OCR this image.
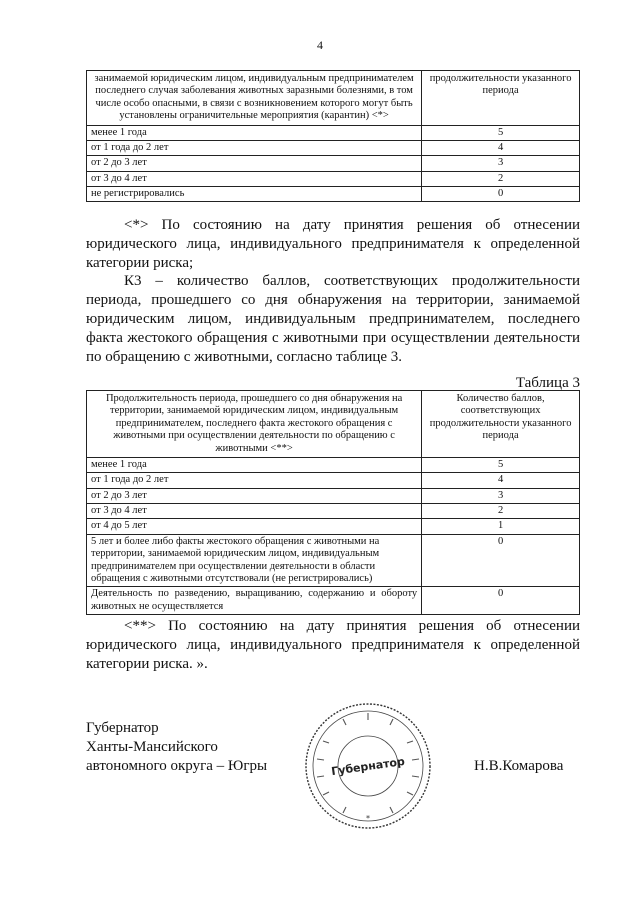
4
занимаемой юридическим лицом, индивидуальным предпринимателем последнего случая заболевания животных заразными болезнями, в том числе особо опасными, в связи с возникновением которого могут быть установлены ограничительные мероприятия (карантин) <*>	продолжительности указанного периода
менее 1 года	5
от 1 года до 2 лет	4
от 2 до 3 лет	3
от 3 до 4 лет	2
не регистрировались	0
<*> По состоянию на дату принятия решения об отнесении юридического лица, индивидуального предпринимателя к определенной категории риска;
К3 – количество баллов, соответствующих продолжительности периода, прошедшего со дня обнаружения на территории, занимаемой юридическим лицом, индивидуальным предпринимателем, последнего факта жестокого обращения с животными при осуществлении деятельности по обращению с животными, согласно таблице 3.
Таблица 3
Продолжительность периода, прошедшего со дня обнаружения на территории, занимаемой юридическим лицом, индивидуальным предпринимателем, последнего факта жестокого обращения с животными при осуществлении деятельности по обращению с животными <**>	Количество баллов, соответствующих продолжительности указанного периода
менее 1 года	5
от 1 года до 2 лет	4
от 2 до 3 лет	3
от 3 до 4 лет	2
от 4 до 5 лет	1
5 лет и более либо факты жестокого обращения с животными на территории, занимаемой юридическим лицом, индивидуальным предпринимателем при осуществлении деятельности в области обращения с животными отсутствовали (не регистрировались)	0
Деятельность по разведению, выращиванию, содержанию и обороту животных не осуществляется	0
<**> По состоянию на дату принятия решения об отнесении юридического лица, индивидуального предпринимателя к определенной категории риска. ».
Губернатор
Ханты-Мансийского
автономного округа – Югры
*
Губернатор	Н.В.Комарова
